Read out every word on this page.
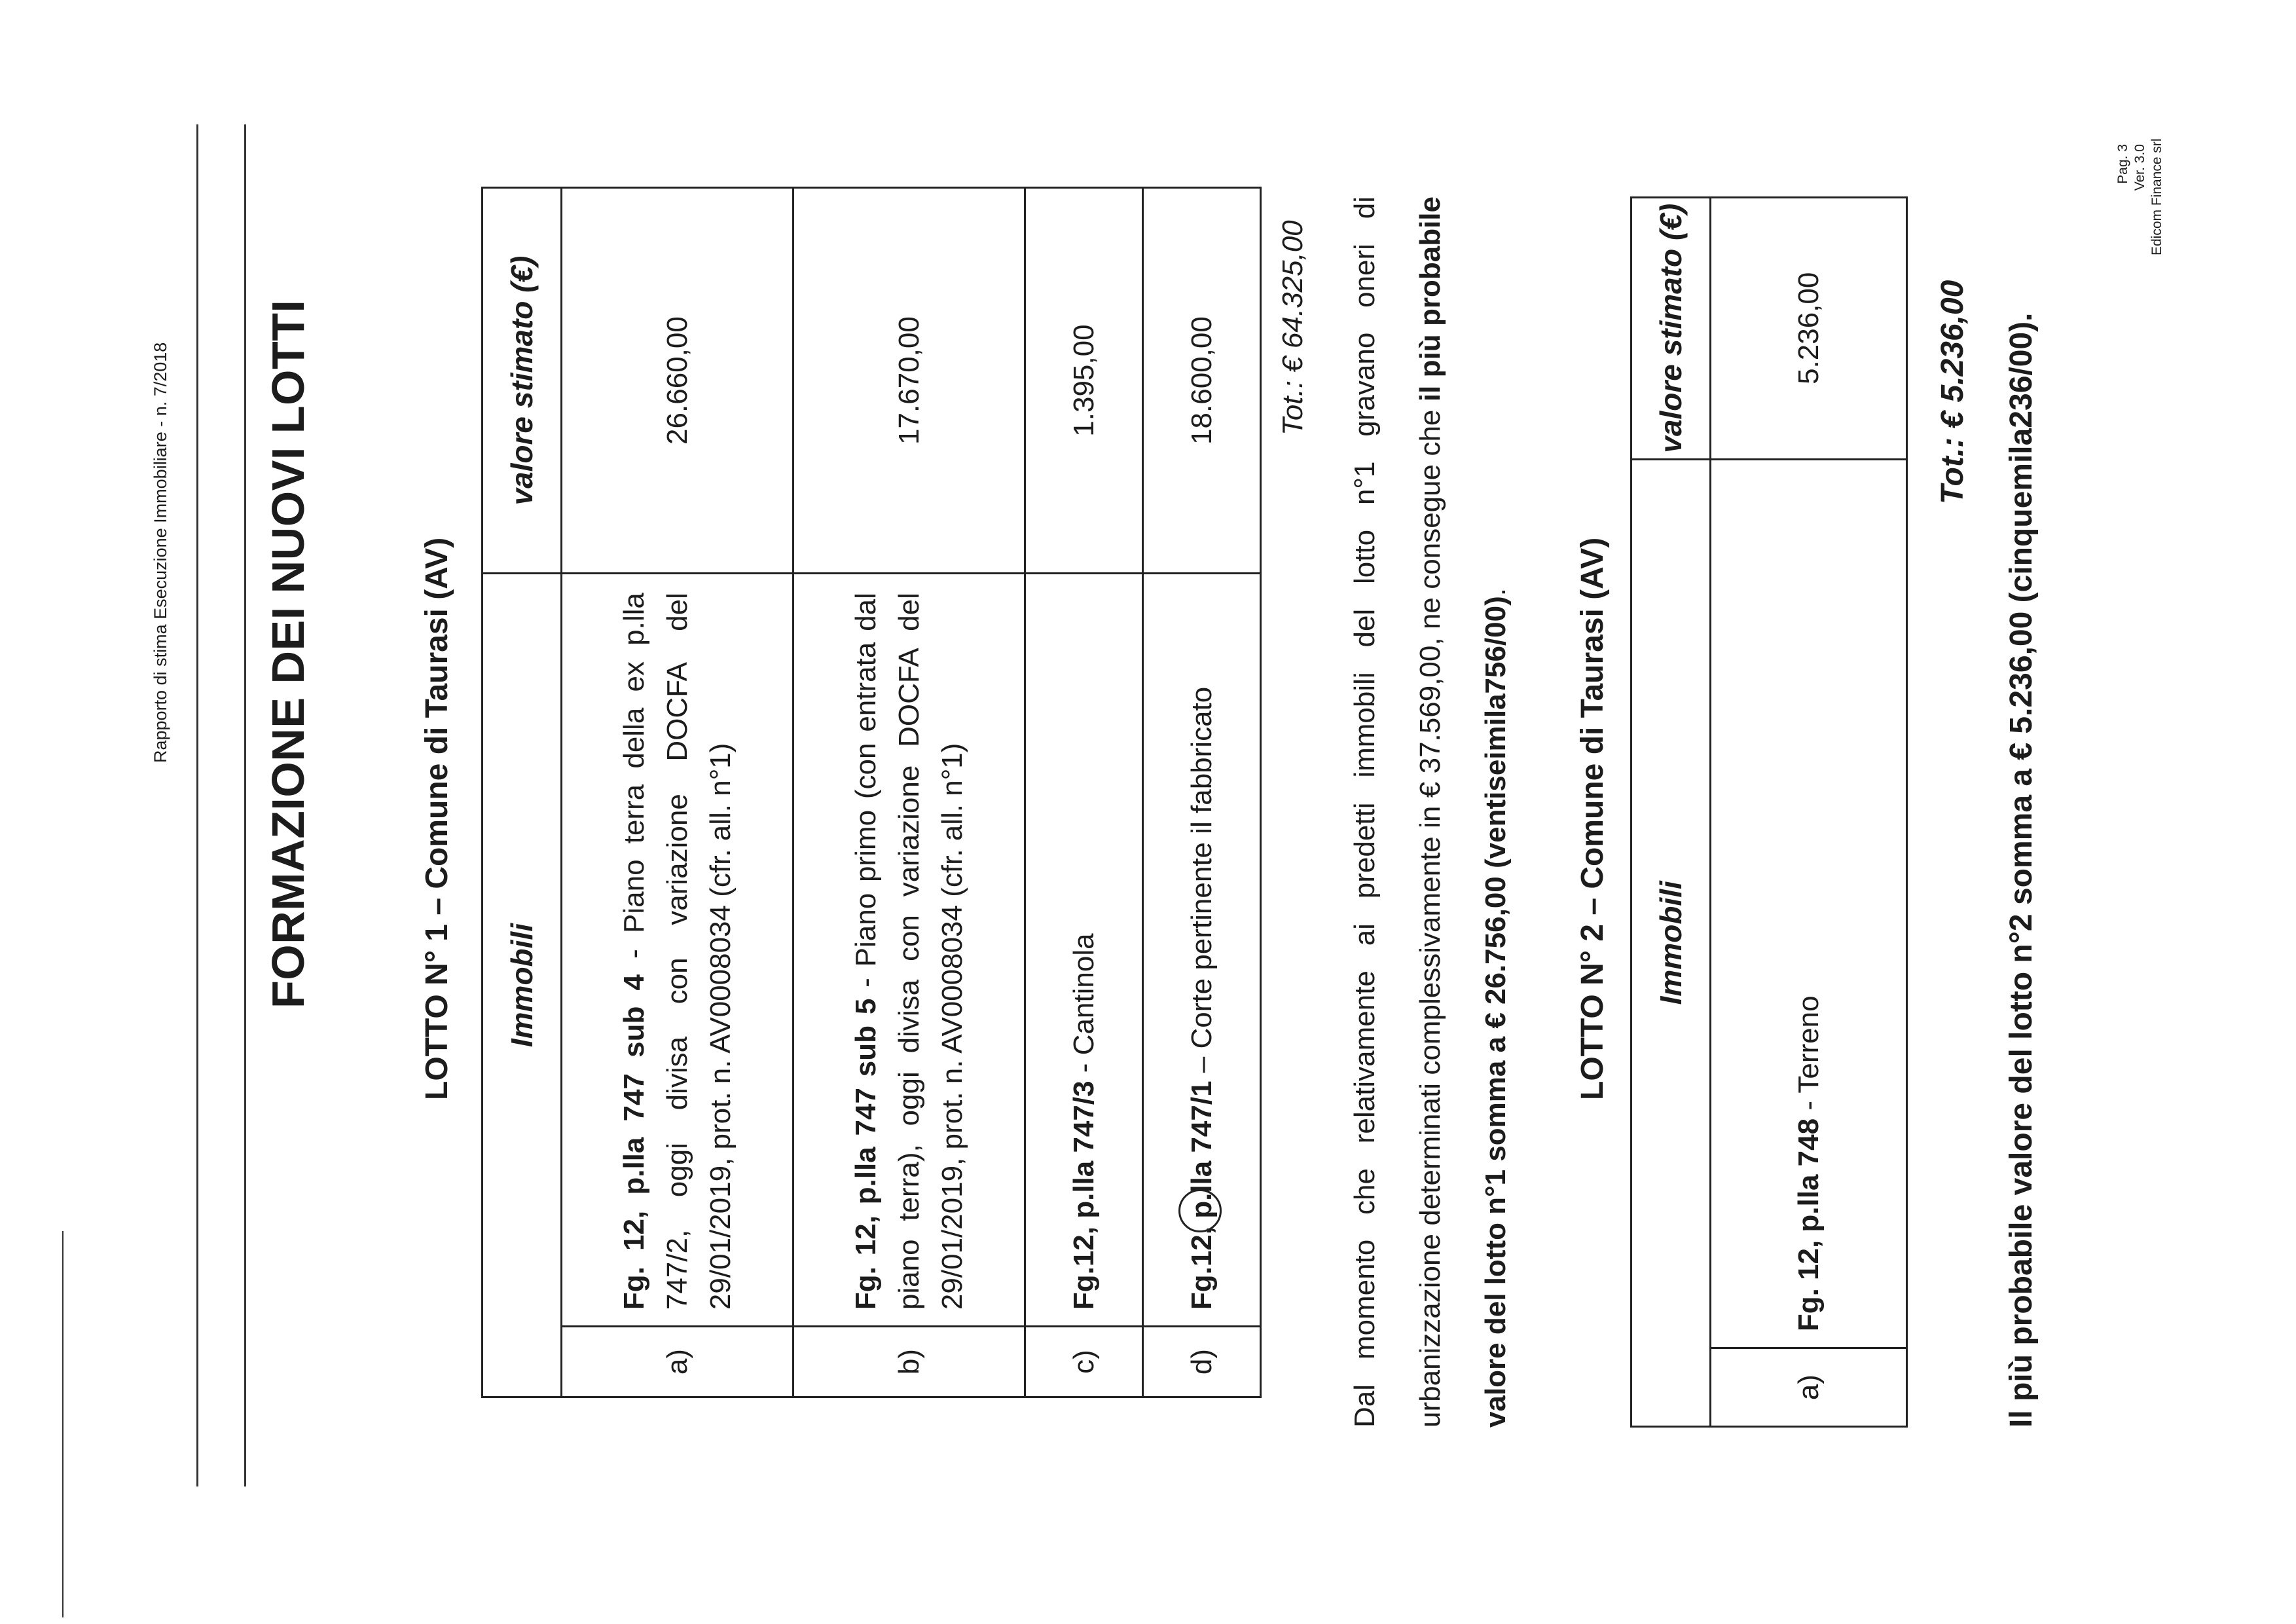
Rapporto di stima Esecuzione Immobiliare - n. 7/2018 FORMAZIONE DEI NUOVI LOTTI	LOTTO N° 1 – Comune di Taurasi (AV) Immobili		valore stimato (€)
a)	Fg. 12, p.lla 747 sub 4 - Piano terra della ex p.lla 747/2, oggi divisa con variazione DOCFA del 29/01/2019, prot. n. AV0008034 (cfr. all. n°1)	26.660,00
b)	Fg. 12, p.lla 747 sub 5 - Piano primo (con entrata dal piano terra), oggi divisa con variazione DOCFA del 29/01/2019, prot. n. AV0008034 (cfr. all. n°1)	17.670,00
c)	Fg.12, p.lla 747/3 - Cantinola	1.395,00
d)	Fg.12, p.lla 747/1 – Corte pertinente il fabbricato	18.600,00 Tot.: € 64.325,00	Dal momento che relativamente ai predetti immobili del lotto n°1 gravano oneri di urbanizzazione determinati complessivamente in € 37.569,00, ne consegue che il più probabile valore del lotto n°1 somma a € 26.756,00 (ventiseimila756/00).	LOTTO N° 2 – Comune di Taurasi (AV) Immobili		valore stimato (€)
a)	Fg. 12, p.lla 748 - Terreno	5.236,00	Tot.: € 5.236,00 Il più probabile valore del lotto n°2 somma a € 5.236,00 (cinquemila236/00).
Pag. 3 Ver. 3.0 Edicom Finance srl
